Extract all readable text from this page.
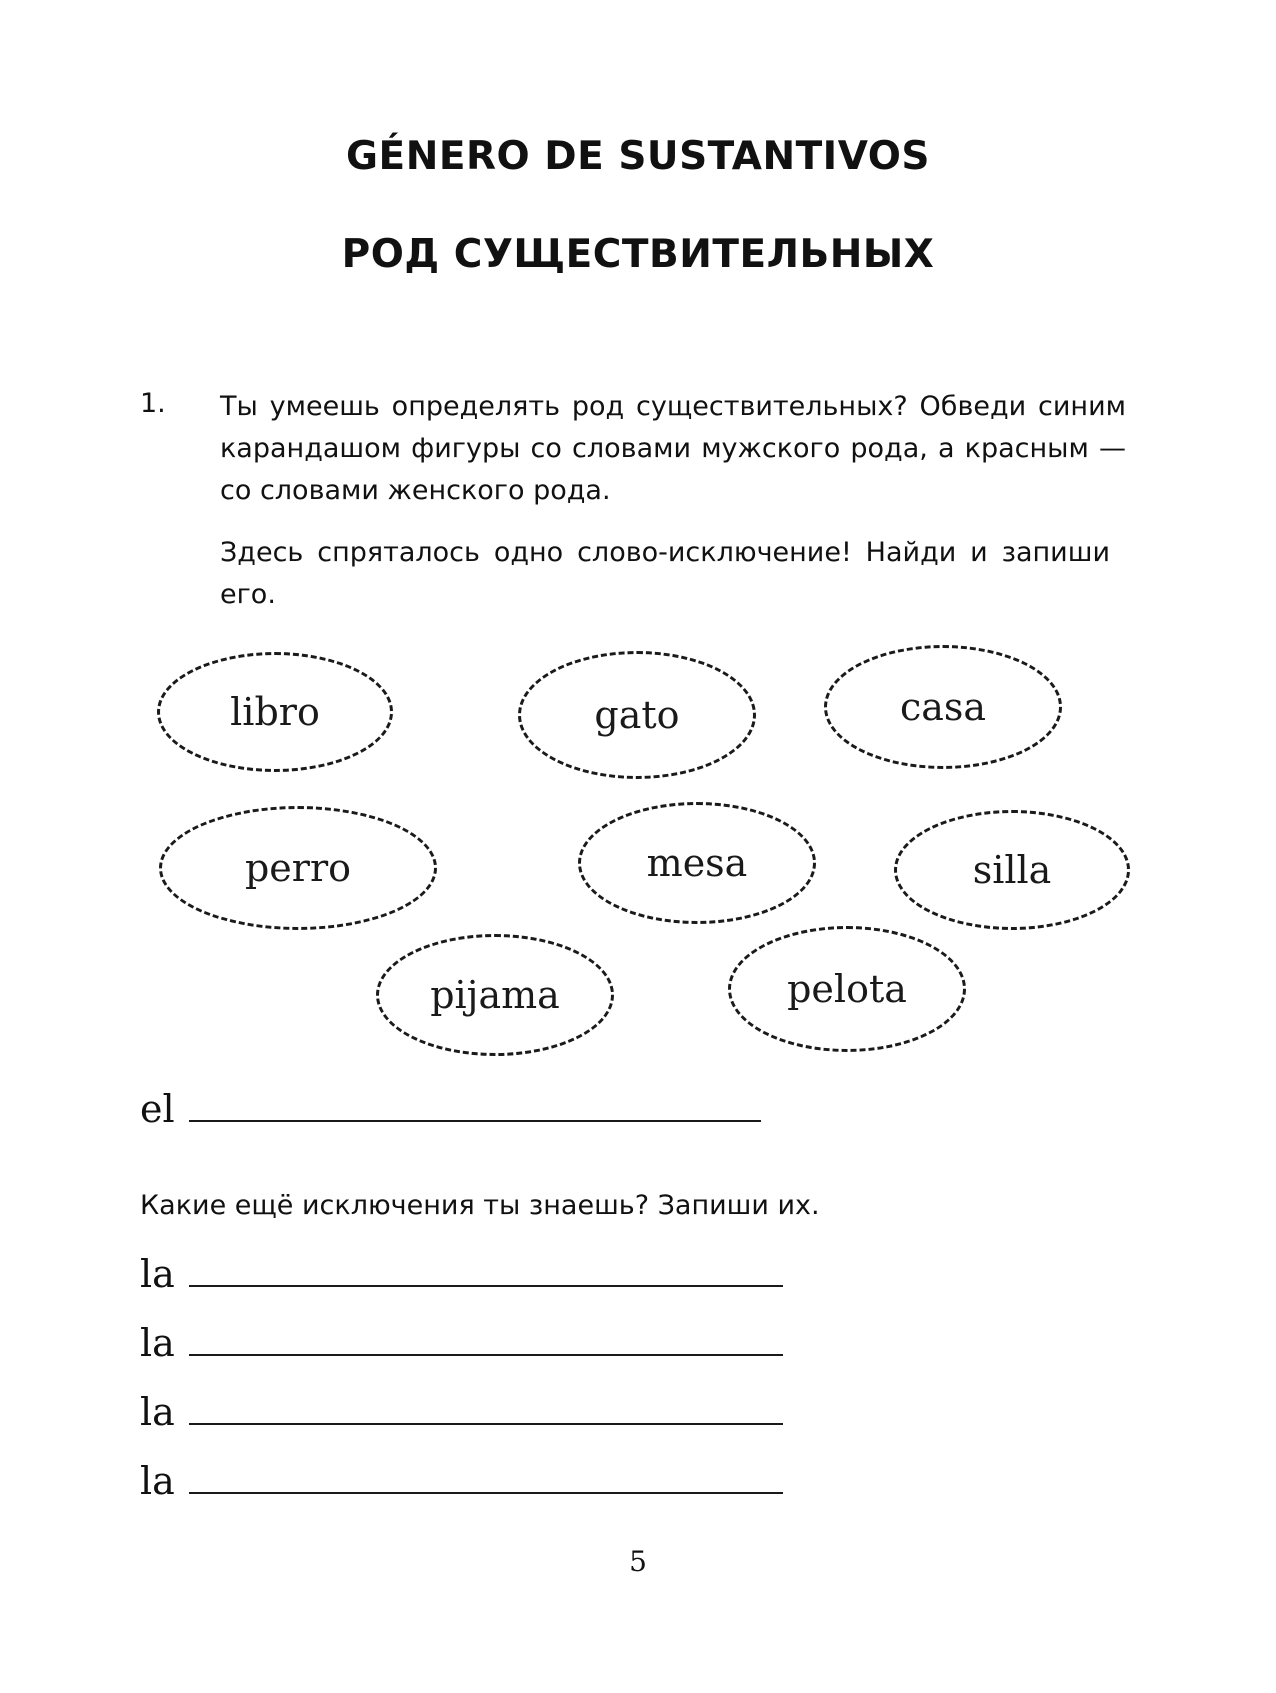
GÉNERO DE SUSTANTIVOS
РОД СУЩЕСТВИТЕЛЬНЫХ
1. Ты умеешь определять род существительных? Обведи синим карандашом фигуры со словами мужского рода, а красным — со словами женского рода.

Здесь спряталось одно слово-исключение! Найди и запиши его.

libro	gato	casa
perro	mesa	silla
pijama	pelota
el

Какие ещё исключения ты знаешь? Запиши их.

la
la
la
la
5
